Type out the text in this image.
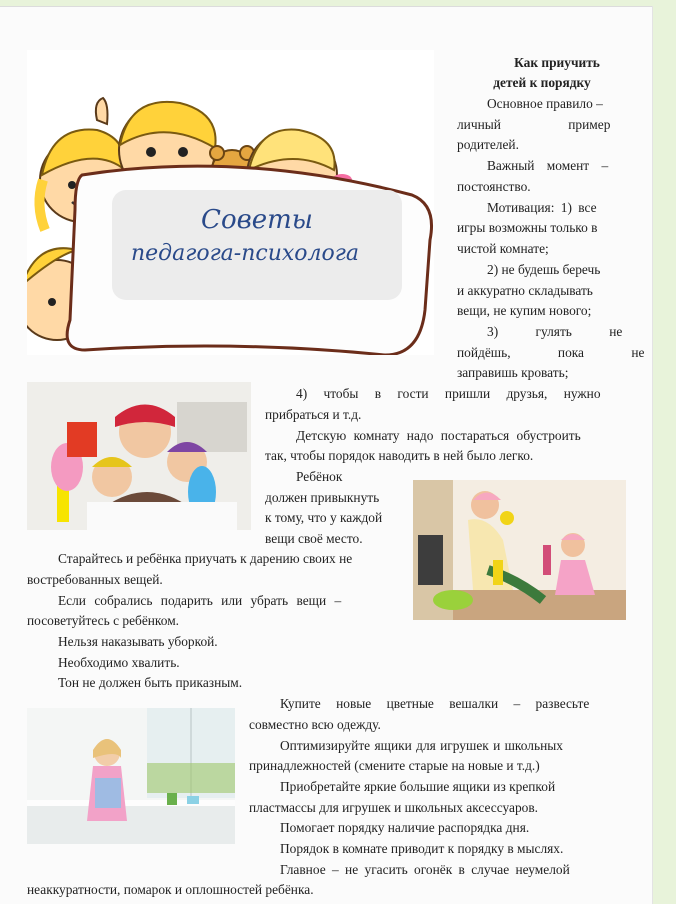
Советы
педагога-психолога
Как приучить
детей к порядку
Основное правило –
личный пример
родителей.
Важный момент –
постоянство.
Мотивация: 1) все
игры возможны только в
чистой комнате;
2) не будешь беречь
и аккуратно складывать
вещи, не купим нового;
3) гулять не
пойдёшь, пока не
заправишь кровать;
4) чтобы в гости пришли друзья, нужно
прибраться и т.д.
Детскую комнату надо постараться обустроить
так, чтобы порядок наводить в ней было легко.
Ребёнок
должен привыкнуть
к тому, что у каждой
вещи своё место.
Старайтесь и ребёнка приучать к дарению своих не
востребованных вещей.
Если собрались подарить или убрать вещи –
посоветуйтесь с ребёнком.
Нельзя наказывать уборкой.
Необходимо хвалить.
Тон не должен быть приказным.
Купите новые цветные вешалки – развесьте
совместно всю одежду.
Оптимизируйте ящики для игрушек и школьных
принадлежностей (смените старые на новые и т.д.)
Приобретайте яркие большие ящики из крепкой
пластмассы для игрушек и школьных аксессуаров.
Помогает порядку наличие распорядка дня.
Порядок в комнате приводит к порядку в мыслях.
Главное – не угасить огонёк в случае неумелой
неаккуратности, помарок и оплошностей ребёнка.
